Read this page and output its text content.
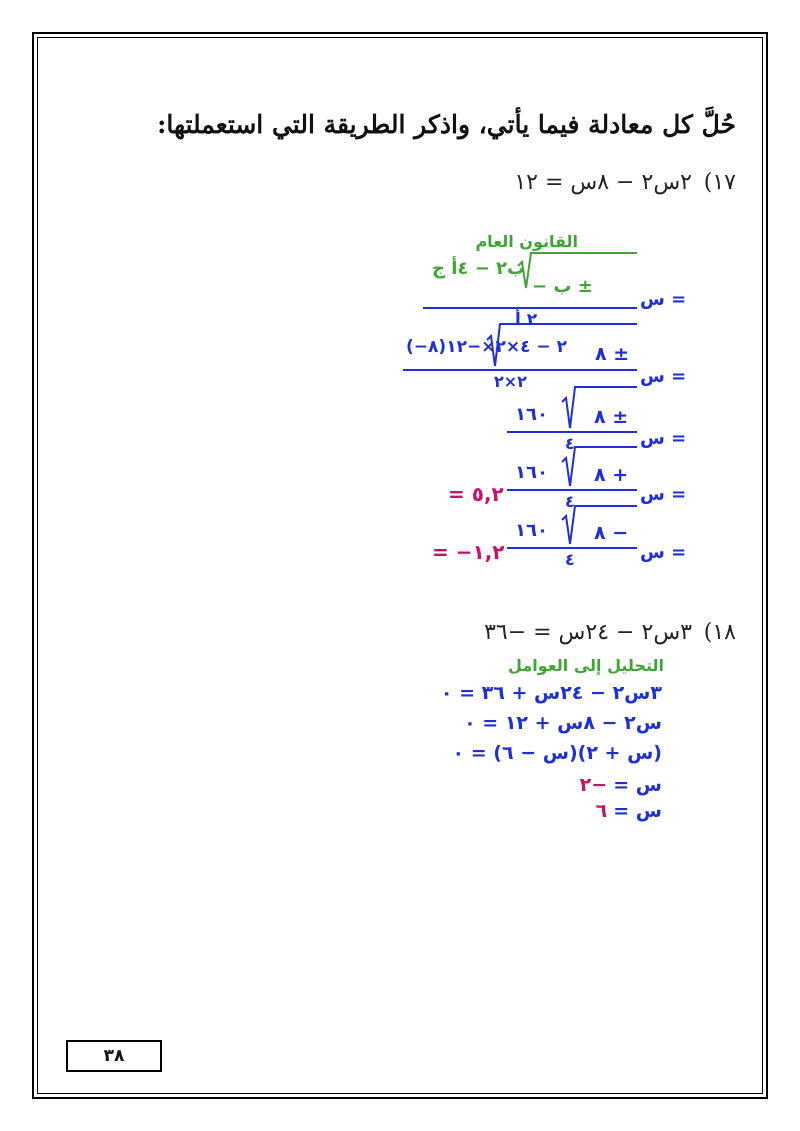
حُلَّ كل معادلة فيما يأتي، واذكر الطريقة التي استعملتها:
١٧)
٢س٢ − ٨س = ١٢
القانون العام
س =
− ب ±
ب٢ − ٤أ ج
٢ أ
س =
٨ ±
(−٨)٢ − ٤×٢×−١٢
٢×٢
س =
٨ ±
١٦٠
٤
س =
٨ +
١٦٠
٤
= ٥,٢
س =
٨ −
١٦٠
٤
= −١,٢
١٨)
٣س٢ − ٢٤س = −٣٦
التحليل إلى العوامل
٣س٢ − ٢٤س + ٣٦ = ٠
س٢ − ٨س + ١٢ = ٠
(س + ٢)(س − ٦) = ٠
س = −٢
س = ٦
٣٨
